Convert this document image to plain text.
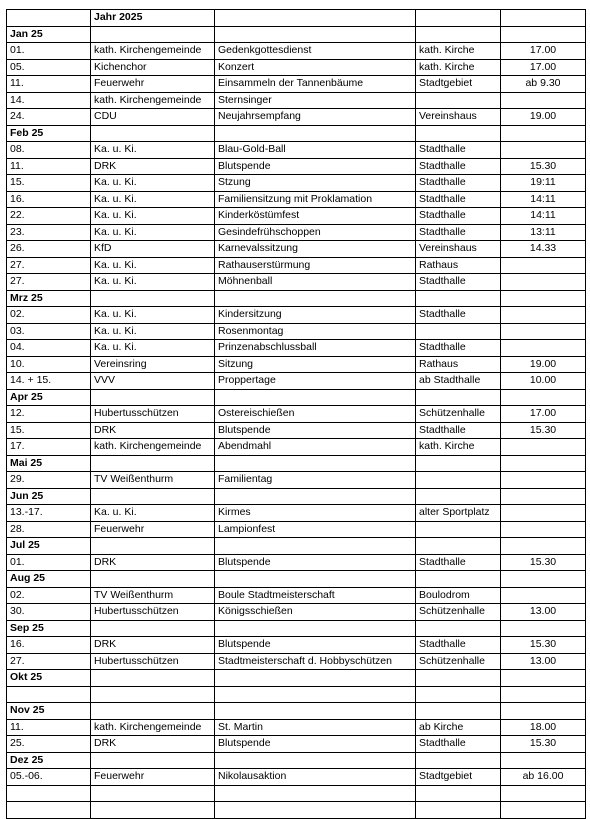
	Jahr 2025			
Jan 25				
01.	kath. Kirchengemeinde	Gedenkgottesdienst	kath. Kirche	17.00
05.	Kichenchor	Konzert	kath. Kirche	17.00
11.	Feuerwehr	Einsammeln der Tannenbäume	Stadtgebiet	ab 9.30
14.	kath. Kirchengemeinde	Sternsinger		
24.	CDU	Neujahrsempfang	Vereinshaus	19.00
Feb 25				
08.	Ka. u. Ki.	Blau-Gold-Ball	Stadthalle	
11.	DRK	Blutspende	Stadthalle	15.30
15.	Ka. u. Ki.	Stzung	Stadthalle	19:11
16.	Ka. u. Ki.	Familiensitzung mit Proklamation	Stadthalle	14:11
22.	Ka. u. Ki.	Kinderköstümfest	Stadthalle	14:11
23.	Ka. u. Ki.	Gesindefrühschoppen	Stadthalle	13:11
26.	KfD	Karnevalssitzung	Vereinshaus	14.33
27.	Ka. u. Ki.	Rathauserstürmung	Rathaus	
27.	Ka. u. Ki.	Möhnenball	Stadthalle	
Mrz 25				
02.	Ka. u. Ki.	Kindersitzung	Stadthalle	
03.	Ka. u. Ki.	Rosenmontag		
04.	Ka. u. Ki.	Prinzenabschlussball	Stadthalle	
10.	Vereinsring	Sitzung	Rathaus	19.00
14. + 15.	VVV	Proppertage	ab Stadthalle	10.00
Apr 25				
12.	Hubertusschützen	Ostereischießen	Schützenhalle	17.00
15.	DRK	Blutspende	Stadthalle	15.30
17.	kath. Kirchengemeinde	Abendmahl	kath. Kirche	
Mai 25				
29.	TV Weißenthurm	Familientag		
Jun 25				
13.-17.	Ka. u. Ki.	Kirmes	alter Sportplatz	
28.	Feuerwehr	Lampionfest		
Jul 25				
01.	DRK	Blutspende	Stadthalle	15.30
Aug 25				
02.	TV Weißenthurm	Boule Stadtmeisterschaft	Boulodrom	
30.	Hubertusschützen	Königsschießen	Schützenhalle	13.00
Sep 25				
16.	DRK	Blutspende	Stadthalle	15.30
27.	Hubertusschützen	Stadtmeisterschaft d. Hobbyschützen	Schützenhalle	13.00
Okt 25				

Nov 25				
11.	kath. Kirchengemeinde	St. Martin	ab Kirche	18.00
25.	DRK	Blutspende	Stadthalle	15.30
Dez 25				
05.-06.	Feuerwehr	Nikolausaktion	Stadtgebiet	ab 16.00
